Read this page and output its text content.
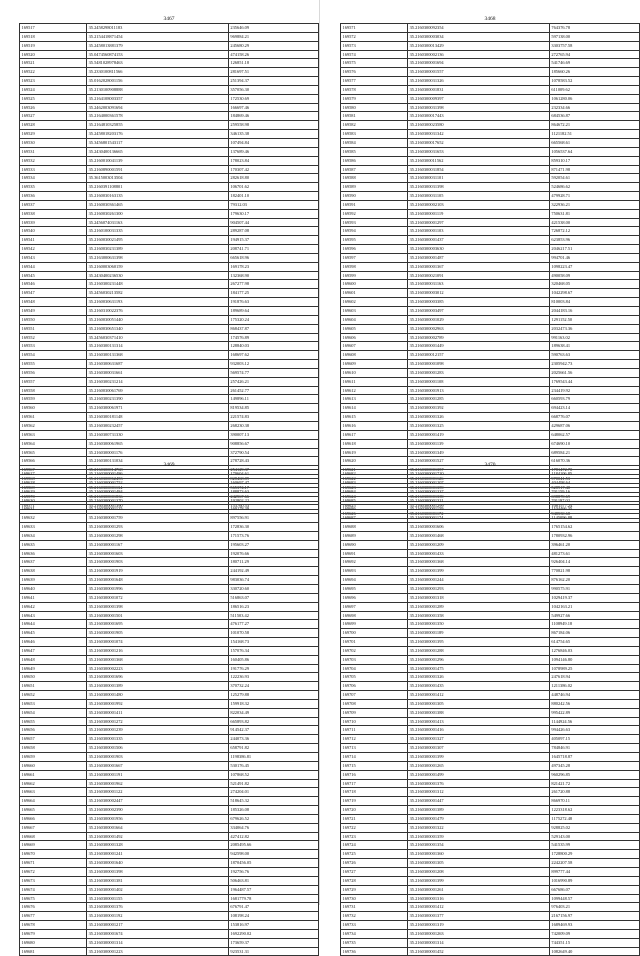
3467
169517	35.2458298011183	235646.09
169518	35.2154418871454	969884.21
169519	35.2458013881379	245680.29
169520	35.0474560874153	474158.26
169521	35.5481028978463	126851.18
169522	35.2330100811566	281697.51
169523	35.0162028001156	251394.37
169524	35.2130100908888	357056.30
169525	35.2164108003357	172530.69
169526	35.2462003091694	166697.46
169527	35.2164000361578	184869.46
169528	35.2164810325855	259558.98
169529	35.2458018203176	346135.38
169530	35.3456801543117	107494.84
169531	35.2430400136665	137689.46
169532	35.2160010041139	178023.84
169533	35.2160890001591	170307.42
169534	35.3615003013504	282618.80
169535	35.2160391108801	106701.62
169536	35.2160030163135	182401.10
169537	35.2160030361465	79312.03
169538	35.2160030261300	179630.17
169539	35.2456074031163	904507.44
169540	35.2160100031335	289287.08
169541	35.2160030021495	194915.37
169542	35.2160030231389	208741.71
169543	35.2163000631398	665618.96
169544	35.2160003060159	169178.23
169545	35.2430400236530	132368.90
169546	35.2160300231448	267277.98
169547	35.2456030213582	184177.25
169548	35.2160030631193	191876.63
169549	35.2160310022376	189689.64
169550	35.2160030051440	175320.24
169551	35.2160030651340	868437.87
169552	35.2456030371410	174576.89
169553	35.2160300131314	128840.03
169554	35.2160300131368	168697.62
169555	35.2160300631687	932003.12
169556	35.2160300031661	569574.77
169557	35.2160300231214	257426.21
169558	35.2160030061769	261452.77
169559	35.2160300231390	149896.11
169560	35.2160300061971	819534.85
169561	35.2160300181148	221574.83
169562	35.2160300232457	268230.38
169563	35.2160300731330	390007.13
169564	35.2160300061965	908856.67
169565	35.2160300001176	372790.54
169566	35.2160300131034	278728.43
169567	35.2160300014768	254129.37
169568	35.2160300062453	828468.89
169569	35.2160300001134	565374.17
169570	35.2160300001836	242567.66
169571	35.2160300001390	153760.53
3468
169571	35.2160300092354	764376.78
169572	35.2160300003034	597138.00
169573	35.2160300013429	3303757.58
169574	35.2160300002136	272765.94
169575	35.2160300001694	541746.69
169576	35.2160300001557	185660.26
169577	35.2160300031326	1078583.52
169578	35.2160300001831	611009.62
169579	35.2160300009397	1061280.06
169580	35.2160300031398	232334.66
169581	35.2160300017443	684536.87
169582	35.2160300023580	864672.21
169583	35.2160300031342	1121182.51
169584	35.2160300017652	665568.61
169585	35.2160300031653	1056537.64
169586	35.2160300011562	859310.17
169587	35.2160300031854	871471.98
169588	35.2160300031101	592054.61
169589	35.2160300031398	524686.62
169590	35.2160300031105	479928.71
169591	35.2160300002103	322936.21
169592	35.2160300001119	750631.81
169593	35.2160300001297	421538.00
169594	35.2160300001103	726872.12
169595	35.2160300001437	623853.96
169596	35.2160300003630	2046217.51
169597	35.2160300001487	994701.46
169598	35.2160300001367	1098223.47
169599	35.2160300021091	490058.09
169600	35.2160300031163	320468.05
169601	35.2160300003012	1042298.67
169602	35.2160300003385	810003.84
169603	35.2160300003497	2044183.16
169604	35.2160300001029	1291152.50
169605	35.2160300002963	2032473.36
169606	35.2160300002789	991163.02
169607	35.2160300001449	189638.41
169608	35.2160300012157	590763.63
169609	35.2160300001098	2305942.73
169610	35.2160300001283	2025661.56
169611	35.2160300001108	1769543.44
169612	35.2160300001913	234419.92
169613	35.2160300001285	660593.79
169614	35.2160300001392	694423.14
169615	35.2160300001326	668776.07
169616	35.2160300001325	429687.06
169617	35.2160300001419	648062.57
169618	35.2160300001139	674690.10
169619	35.2160300001349	689584.21
169620	35.2160300001527	616070.36
169621	35.2160300001357	1781472.70
169622	35.2160300001126	970041.53
169623	35.2160300001359	528917.40
169624	35.2160300001339	698870.69
169625	35.2160300001299	1081577.24
169626	35.2160300001172	948530.68
3469
169627	35.2160300001486	179604.61
169628	35.2160300001752	160697.47
169629	35.2160300001484	188873.63
169630	35.2160300001370	192802.22
169631	35.2160300001125	169178.39
169632	35.2160300001759	897556.91
169633	35.2160300001293	172836.30
169634	35.2160300001298	171573.76
169635	35.2160300001167	195603.27
169636	35.2160300001603	192076.66
169637	35.2160300001903	180711.29
169638	35.2160300001919	244192.49
169639	35.2160300001648	983036.74
169640	35.2160300001996	330720.60
169641	35.2160300001072	516863.07
169642	35.2160300001398	186516.23
169643	35.2160300001501	511503.42
169644	35.2160300001695	476177.27
169645	35.2160300001905	101070.58
169646	35.2160300001074	154168.73
169647	35.2160300001216	157076.34
169648	35.2160300001368	160405.86
169649	35.2160300002223	191776.29
169650	35.2160300001696	122236.93
169651	35.2160300001389	370732.24
169652	35.2160300001480	125279.88
169653	35.2160300001992	159918.32
169654	35.2160300001411	822034.49
169655	35.2160300001272	665893.82
169656	35.2160300001239	914542.37
169657	35.2160300001335	244073.36
169658	35.2160300001506	658791.82
169659	35.2160300001903	1198386.81
169660	35.2160300001667	530176.45
169661	35.2160300001191	107868.52
169662	35.2160300001962	521491.82
169663	35.2160300001122	274204.01
169664	35.2160300002447	518645.32
169665	35.2160300002390	185326.08
169666	35.2160300001956	679626.52
169667	35.2160300001664	334064.76
169668	35.2160300001492	427412.82
169669	35.2160300001328	2085495.66
169670	35.2160300001241	942598.00
169671	35.2160300001640	1870456.05
169672	35.2160300001398	192756.76
169673	35.2160300001381	506463.81
169674	35.2160300001402	1964487.57
169675	35.2160300001155	1681779.78
169676	35.2160300001376	676791.47
169677	35.2160300001192	108198.24
169678	35.2160300001217	153816.97
169679	35.2160300001674	1692290.02
169680	35.2160300001314	173659.37
169681	35.2160300001223	923531.31
3470
169682	35.2160300001720	1184106.85
169683	35.2160300001207	404498.64
169684	35.2160300001337	701159.16
169685	35.2160300001321	701197.02
169686	35.2160300001159	1104466.35
169687	35.2160300001174	1145096.88
169688	35.2160300001606	1765154.62
169689	35.2160300001468	1780932.96
169690	35.2160300001209	396461.20
169691	35.2160300001433	481273.61
169692	35.2160300001368	926404.14
169693	35.2160300001399	770821.98
169694	35.2160300001244	876162.20
169695	35.2160300001293	990575.91
169696	35.2160300001318	1029419.37
169697	35.2160300001289	1042163.21
169698	35.2160300001358	549927.66
169699	35.2160300001350	1108949.18
169700	35.2160300001189	867184.06
169701	35.2160300001395	614754.65
169702	35.2160300001288	1276846.03
169703	35.2160300001296	1094146.80
169704	35.2160300001475	1078989.25
169705	35.2160300001326	247618.94
169706	35.2160300001435	1211386.02
169707	35.2160300001412	448746.94
169708	35.2160300001305	880242.56
169709	35.2160300001388	995422.89
169710	35.2160300001413	1144924.56
169711	35.2160300001416	994426.63
169712	35.2160300001327	405097.15
169713	35.2160300001307	784846.91
169714	35.2160300001399	1645718.87
169715	35.2160300001265	497345.28
169716	35.2160300001499	960296.85
169717	35.2160300001376	821421.72
169718	35.2160300001312	261720.88
169719	35.2160300001447	866970.11
169720	35.2160300001389	1223318.62
169721	35.2160300001479	1175272.48
169722	35.2160300001322	928825.02
169723	35.2160300001359	529143.00
169724	35.2160300001354	541535.99
169725	35.2160300001360	1728800.29
169726	35.2160300001305	2242207.58
169727	35.2160300001208	899777.44
169728	35.2160300001399	1016990.89
169729	35.2160300001261	667686.07
169730	35.2160300001316	1099448.57
169731	35.2160300001412	976403.21
169732	35.2160300001377	2167156.97
169733	35.2160300001319	1689469.93
169734	35.2160300001263	742009.09
169735	35.2160300001314	744351.15
169736	35.2160300001452	1082649.40
